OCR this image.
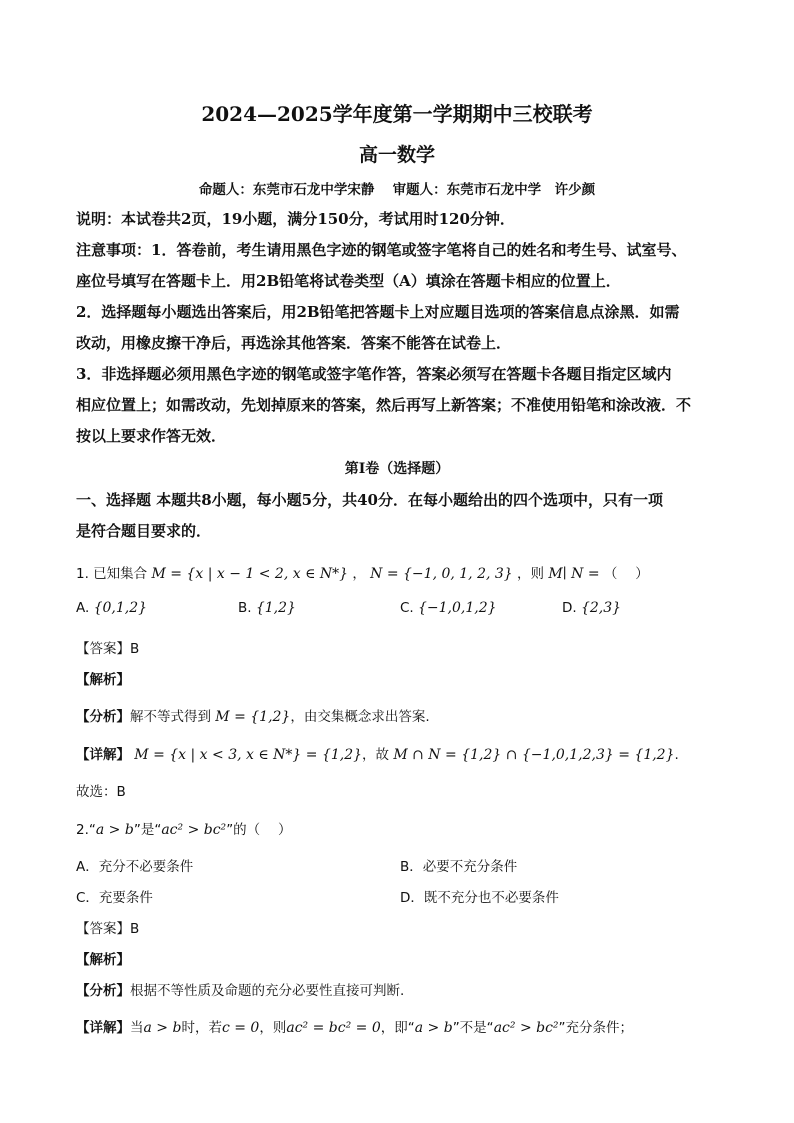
2024—2025学年度第一学期期中三校联考
高一数学
命题人：东莞市石龙中学宋静　 审题人：东莞市石龙中学　许少颜
说明：本试卷共2页，19小题，满分150分，考试用时120分钟．
注意事项：1．答卷前，考生请用黑色字迹的钢笔或签字笔将自己的姓名和考生号、试室号、
座位号填写在答题卡上．用2B铅笔将试卷类型（A）填涂在答题卡相应的位置上．
2．选择题每小题选出答案后，用2B铅笔把答题卡上对应题目选项的答案信息点涂黑．如需
改动，用橡皮擦干净后，再选涂其他答案．答案不能答在试卷上．
3．非选择题必须用黑色字迹的钢笔或签字笔作答，答案必须写在答题卡各题目指定区域内
相应位置上；如需改动，先划掉原来的答案，然后再写上新答案；不准使用铅笔和涂改液．不
按以上要求作答无效．
第Ⅰ卷（选择题）
一、选择题 本题共8小题，每小题5分，共40分．在每小题给出的四个选项中，只有一项
是符合题目要求的．
1. 已知集合 M = {x | x − 1 < 2, x ∈ N*} ， N = {−1, 0, 1, 2, 3} ，则 M∣ N = （　 ）
A. {0,1,2}	B. {1,2}	C. {−1,0,1,2}	D. {2,3}
【答案】B
【解析】
【分析】解不等式得到 M = {1,2}，由交集概念求出答案.
【详解】 M = {x | x < 3, x ∈ N*} = {1,2}，故 M ∩ N = {1,2} ∩ {−1,0,1,2,3} = {1,2}.
故选：B
2.“a > b”是“ac² > bc²”的（　 ）
A．充分不必要条件	B．必要不充分条件
C．充要条件	D．既不充分也不必要条件
【答案】B
【解析】
【分析】根据不等性质及命题的充分必要性直接可判断.
【详解】当a > b时，若c = 0，则ac² = bc² = 0，即“a > b”不是“ac² > bc²”充分条件；
